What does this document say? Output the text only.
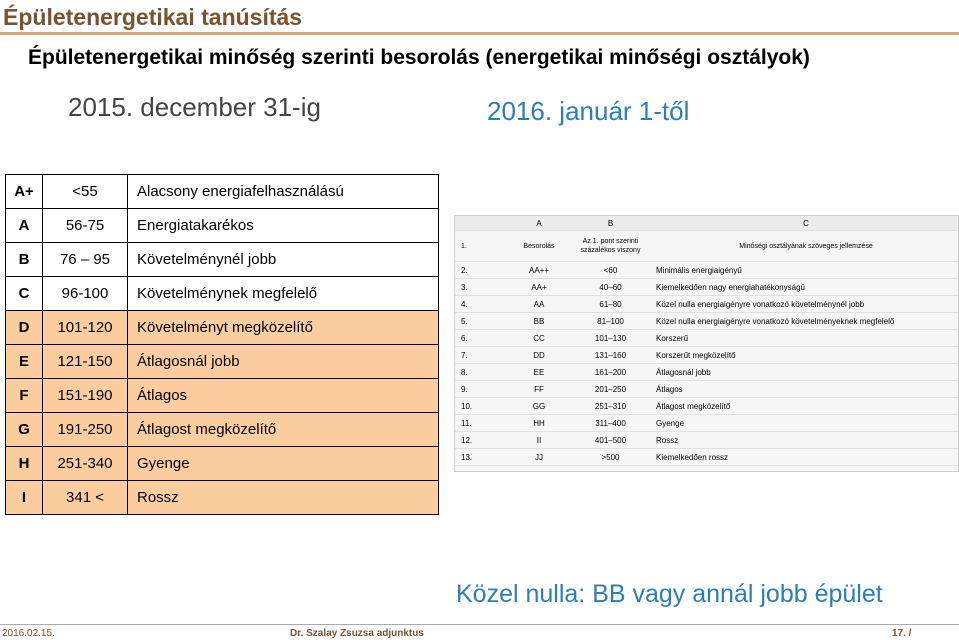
Épületenergetikai tanúsítás
Épületenergetikai minőség szerinti besorolás (energetikai minőségi osztályok)
2015. december 31-ig	2016. január 1-től
A+	<55	Alacsony energiafelhasználású
A	56-75	Energiatakarékos
B	76 – 95	Követelménynél jobb
C	96-100	Követelménynek megfelelő
D	101-120	Követelményt megközelítő
E	121-150	Átlagosnál jobb
F	151-190	Átlagos
G	191-250	Átlagost megközelítő
H	251-340	Gyenge
I	341 <	Rossz
	A	B	C
1.	Besorolás	Az 1. pont szerinti százalékos viszony	Minőségi osztályának szöveges jellemzése
2.	AA++	<60	Minimális energiaigényű
3.	AA+	40–60	Kiemelkedően nagy energiahatékonyságú
4.	AA	61–80	Közel nulla energiaigényre vonatkozó követelménynél jobb
5.	BB	81–100	Közel nulla energiaigényre vonatkozó követelményeknek megfelelő
6.	CC	101–130	Korszerű
7.	DD	131–160	Korszerűt megközelítő
8.	EE	161–200	Átlagosnál jobb
9.	FF	201–250	Átlagos
10.	GG	251–310	Átlagost megközelítő
11.	HH	311–400	Gyenge
12.	II	401–500	Rossz
13.	JJ	>500	Kiemelkedően rossz
Közel nulla: BB vagy annál jobb épület
2016.02.15.	Dr. Szalay Zsuzsa adjunktus	17. /
